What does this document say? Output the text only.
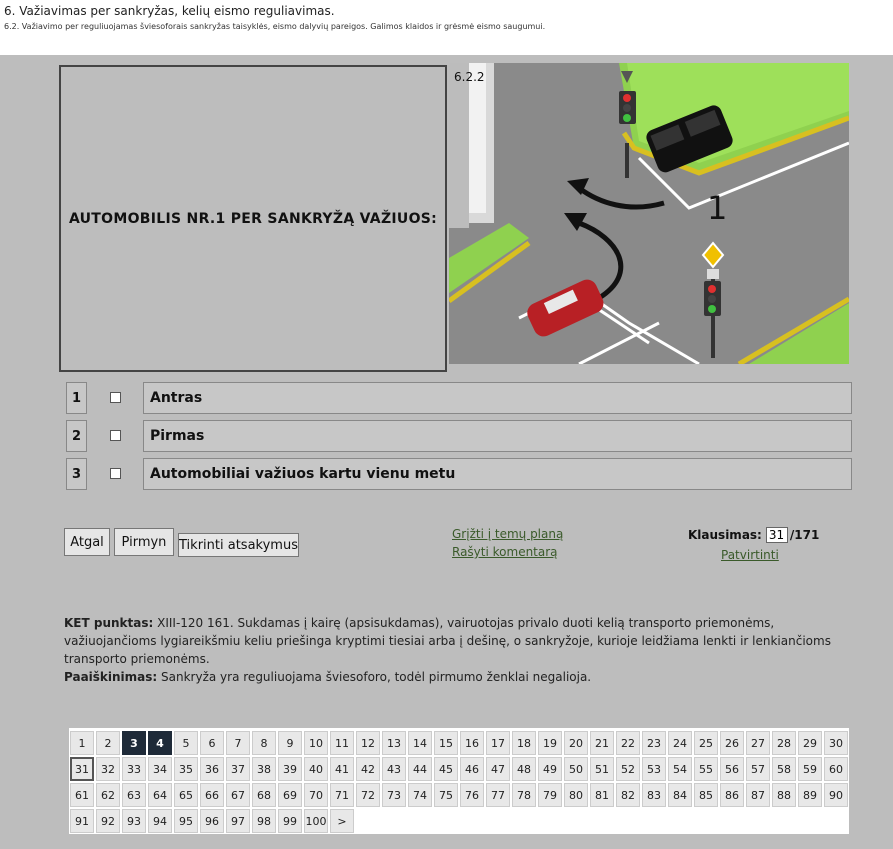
6. Važiavimas per sankryžas, kelių eismo reguliavimas.
6.2. Važiavimo per reguliuojamas šviesoforais sankryžas taisyklės, eismo dalyvių pareigos. Galimos klaidos ir grėsmė eismo saugumui.
AUTOMOBILIS NR.1 PER SANKRYŽĄ VAŽIUOS:	1
6.2.2
1	Antras
2	Pirmas
3	Automobiliai važiuos kartu vienu metu
Atgal	Pirmyn Tikrinti atsakymus
Grįžti į temų planą
Rašyti komentarą
Klausimas:
31 /171
Patvirtinti
KET punktas: XIII-120 161. Sukdamas į kairę (apsisukdamas), vairuotojas privalo duoti kelią transporto priemonėms, važiuojančioms lygiareikšmiu keliu priešinga kryptimi tiesiai arba į dešinę, o sankryžoje, kurioje leidžiama lenkti ir lenkiančioms transporto priemonėms.
Paaiškinimas: Sankryža yra reguliuojama šviesoforo, todėl pirmumo ženklai negalioja.
1	2	3	4	5	6	7	8	9	10	11	12	13	14	15	16	17	18	19	20	21	22	23	24	25	26	27	28	29	30
31	32	33	34	35	36	37	38	39	40	41	42	43	44	45	46	47	48	49	50	51	52	53	54	55	56	57	58	59	60
61	62	63	64	65	66	67	68	69	70	71	72	73	74	75	76	77	78	79	80	81	82	83	84	85	86	87	88	89	90
91	92	93	94	95	96	97	98	99 100 >
